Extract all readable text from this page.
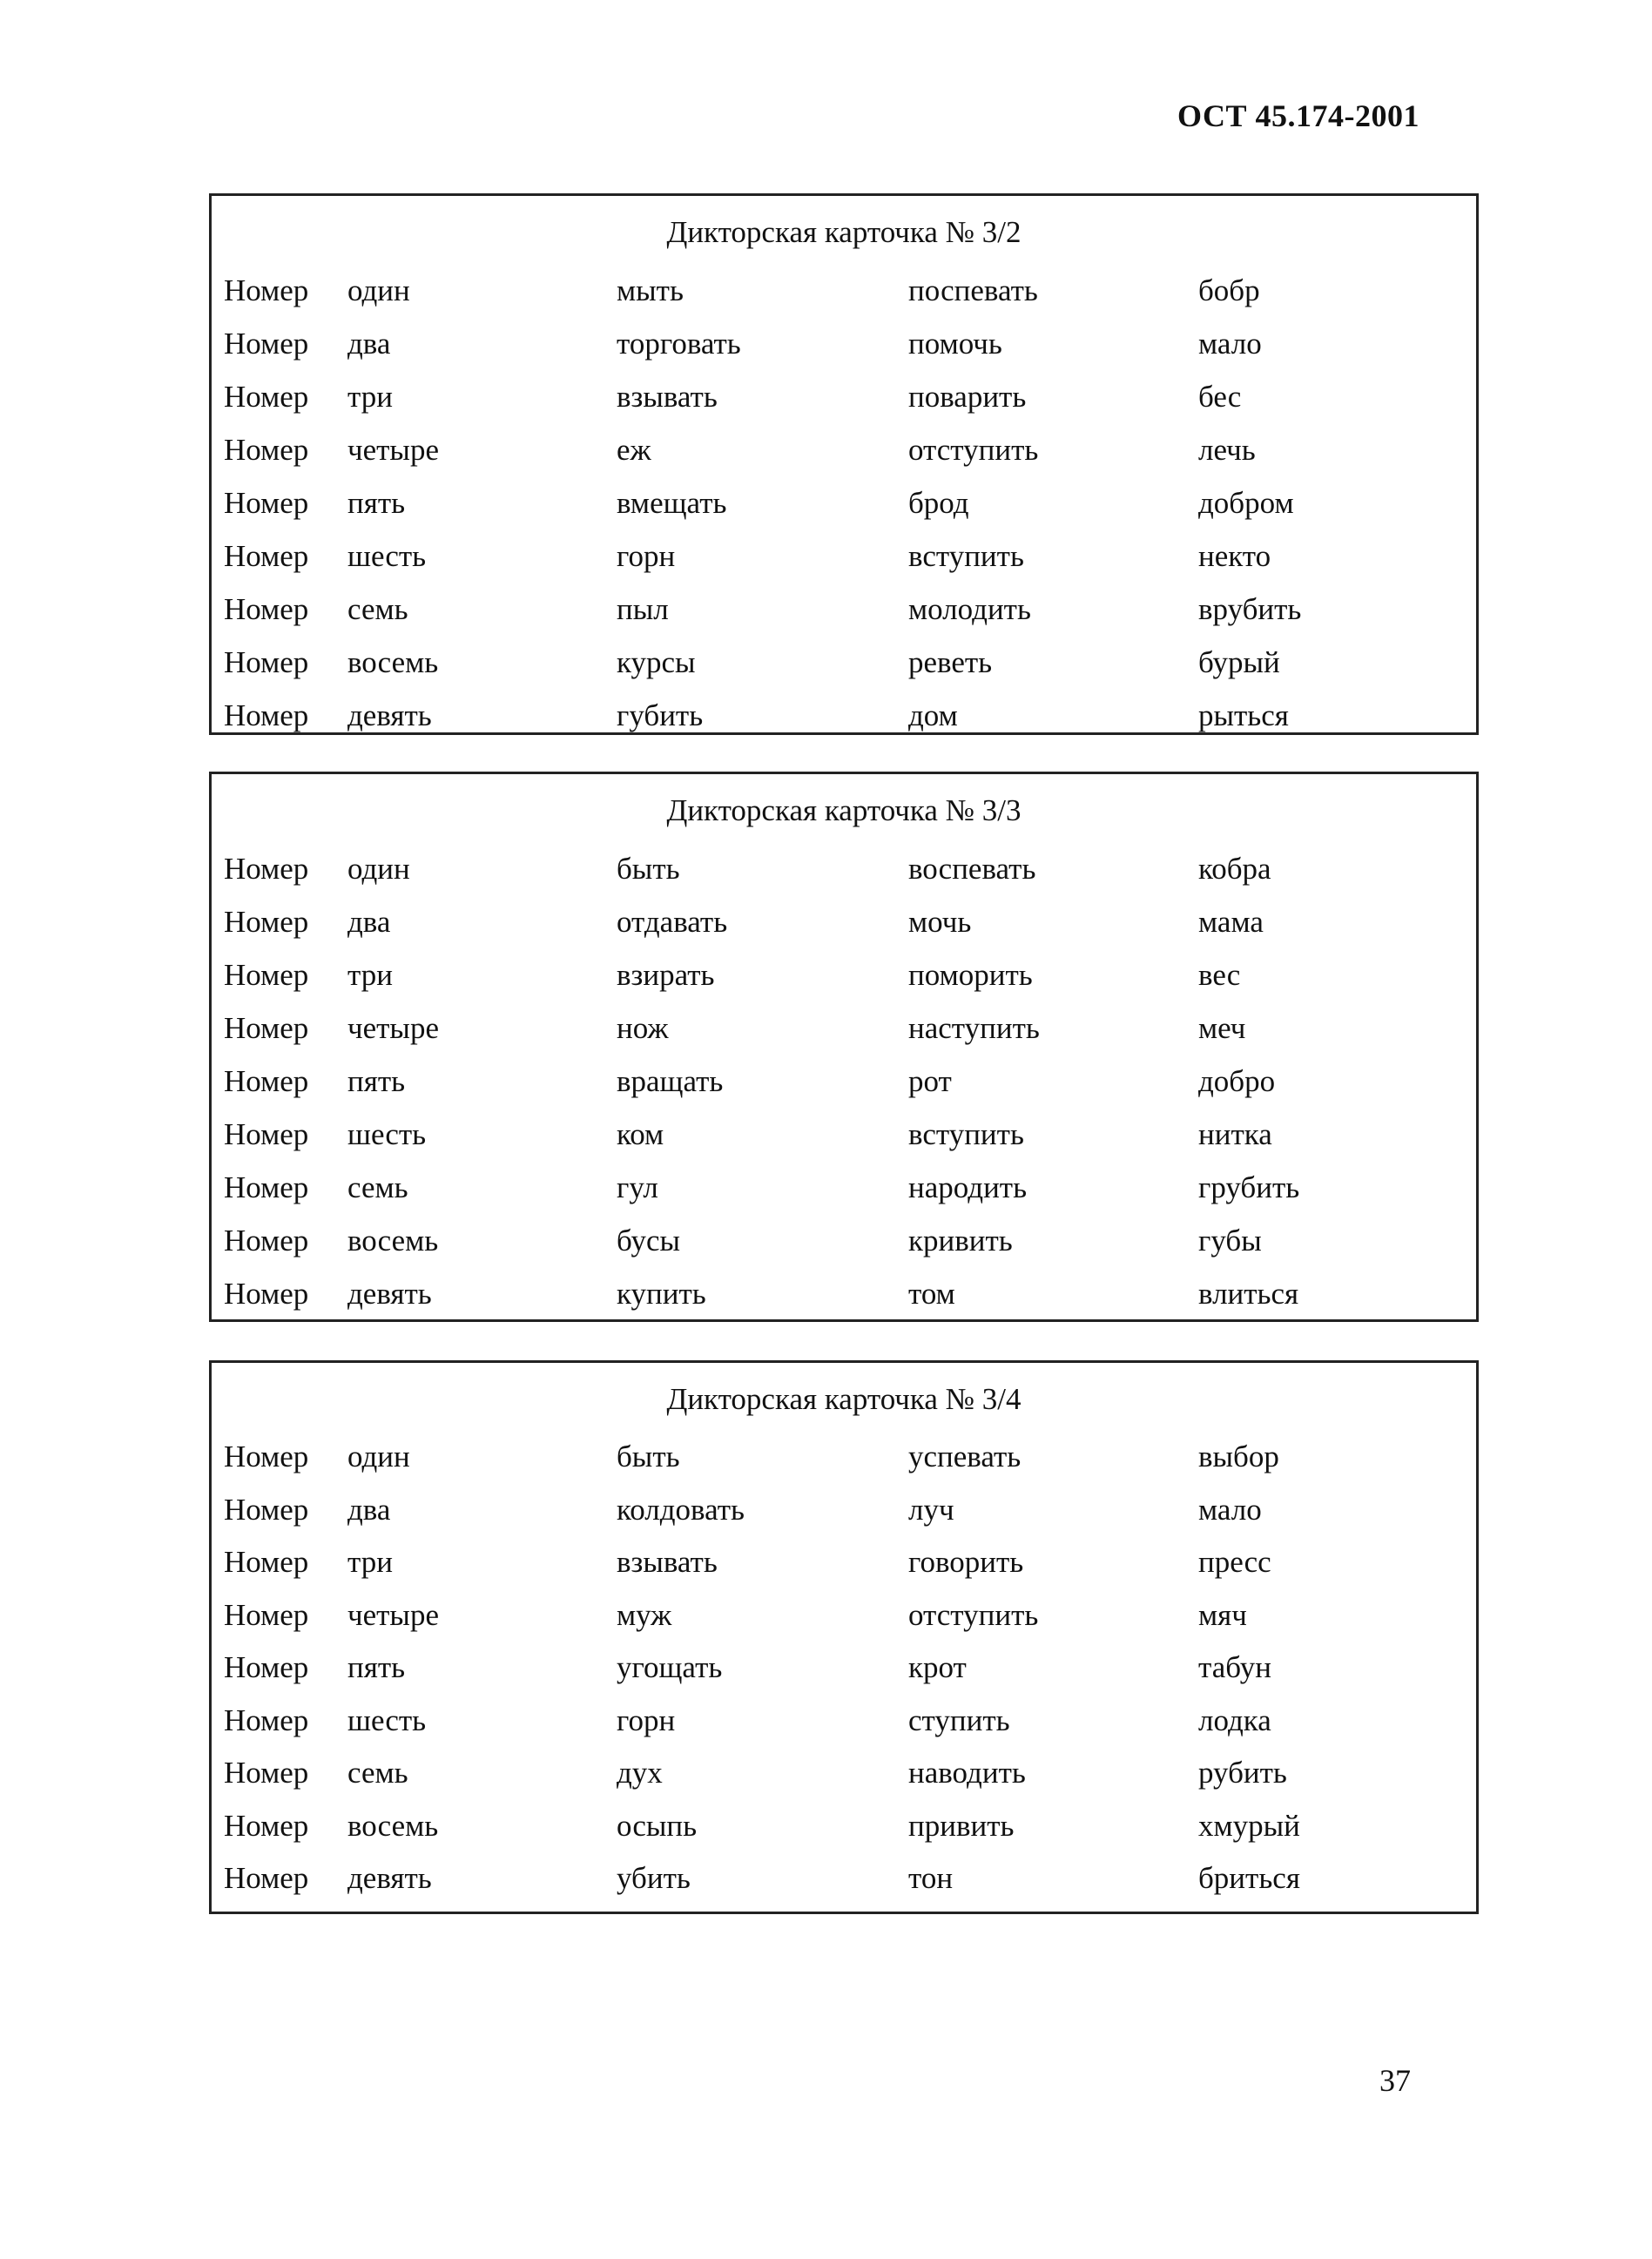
ОСТ 45.174-2001
Дикторская карточка № 3/2
Номер один	мыть	поспевать	бобр
Номер два	торговать	помочь	мало
Номер три	взывать	поварить	бес
Номер четыре	еж	отступить	лечь
Номер пять	вмещать	брод	добром
Номер шесть	горн	вступить	некто
Номер семь	пыл	молодить	врубить
Номер восемь	курсы	реветь	бурый
Номер девять	губить	дом	рыться
Дикторская карточка № 3/3
Номер один	быть	воспевать	кобра
Номер два	отдавать	мочь	мама
Номер три	взирать	поморить	вес
Номер четыре	нож	наступить	меч
Номер пять	вращать	рот	добро
Номер шесть	ком	вступить	нитка
Номер семь	гул	народить	грубить
Номер восемь	бусы	кривить	губы
Номер девять	купить	том	влиться
Дикторская карточка № 3/4
Номер один	быть	успевать	выбор
Номер два	колдовать	луч	мало
Номер три	взывать	говорить	пресс
Номер четыре	муж	отступить	мяч
Номер пять	угощать	крот	табун
Номер шесть	горн	ступить	лодка
Номер семь	дух	наводить	рубить
Номер восемь	осыпь	привить	хмурый
Номер девять	убить	тон	бриться
37
